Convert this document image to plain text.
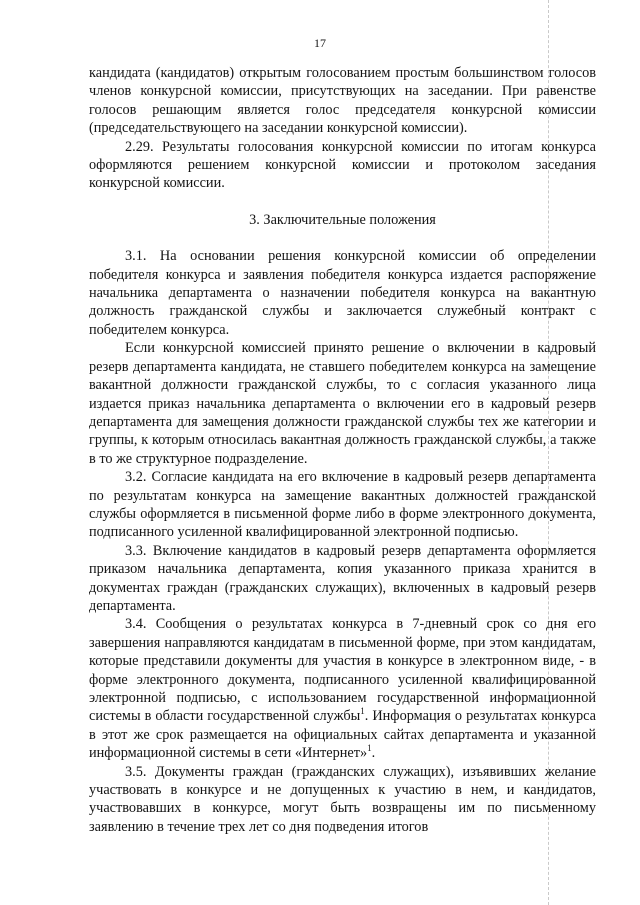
17

кандидата (кандидатов) открытым голосованием простым большинством голосов членов конкурсной комиссии, присутствующих на заседании. При равенстве голосов решающим является голос председателя конкурсной комиссии (председательствующего на заседании конкурсной комиссии).

2.29. Результаты голосования конкурсной комиссии по итогам конкурса оформляются решением конкурсной комиссии и протоколом заседания конкурсной комиссии.

3. Заключительные положения

3.1. На основании решения конкурсной комиссии об определении победителя конкурса и заявления победителя конкурса издается распоряжение начальника департамента о назначении победителя конкурса на вакантную должность гражданской службы и заключается служебный контракт с победителем конкурса.

Если конкурсной комиссией принято решение о включении в кадровый резерв департамента кандидата, не ставшего победителем конкурса на замещение вакантной должности гражданской службы, то с согласия указанного лица издается приказ начальника департамента о включении его в кадровый резерв департамента для замещения должности гражданской службы тех же категории и группы, к которым относилась вакантная должность гражданской службы, а также в то же структурное подразделение.

3.2. Согласие кандидата на его включение в кадровый резерв департамента по результатам конкурса на замещение вакантных должностей гражданской службы оформляется в письменной форме либо в форме электронного документа, подписанного усиленной квалифицированной электронной подписью.

3.3. Включение кандидатов в кадровый резерв департамента оформляется приказом начальника департамента, копия указанного приказа хранится в документах граждан (гражданских служащих), включенных в кадровый резерв департамента.

3.4. Сообщения о результатах конкурса в 7-дневный срок со дня его завершения направляются кандидатам в письменной форме, при этом кандидатам, которые представили документы для участия в конкурсе в электронном виде, - в форме электронного документа, подписанного усиленной квалифицированной электронной подписью, с использованием государственной информационной системы в области государственной службы$^1$. Информация о результатах конкурса в этот же срок размещается на официальных сайтах департамента и указанной информационной системы в сети «Интернет»$^1$.

3.5. Документы граждан (гражданских служащих), изъявивших желание участвовать в конкурсе и не допущенных к участию в нем, и кандидатов, участвовавших в конкурсе, могут быть возвращены им по письменному заявлению в течение трех лет со дня подведения итогов
